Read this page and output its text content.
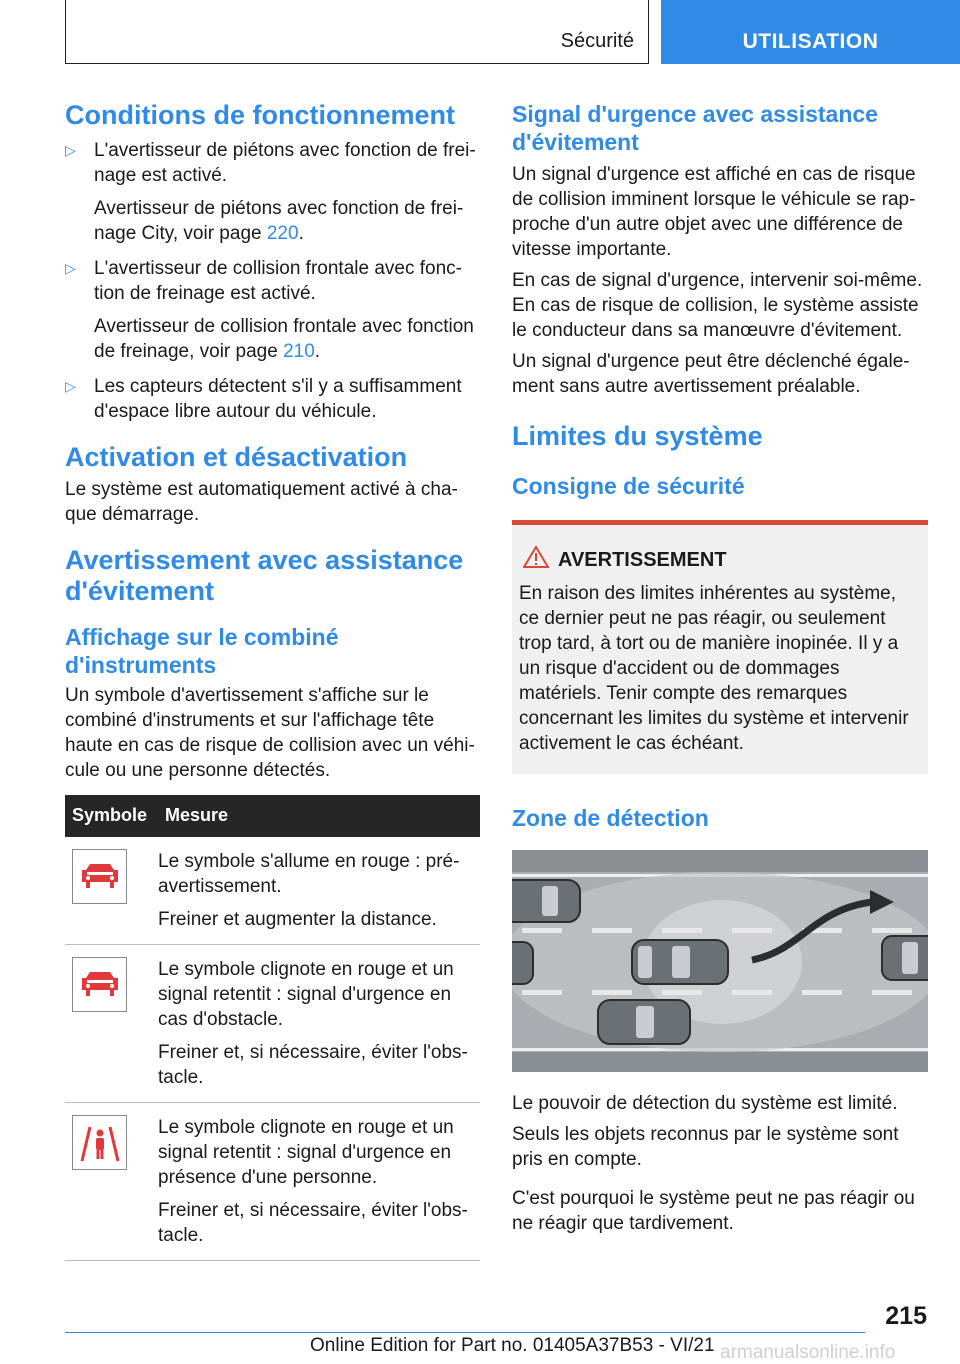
Sécurité	UTILISATION
Conditions de fonctionnement
▷ L'avertisseur de piétons avec fonction de freinage est activé.
Avertisseur de piétons avec fonction de freinage City, voir page 220.
▷ L'avertisseur de collision frontale avec fonction de freinage est activé.
Avertisseur de collision frontale avec fonction de freinage, voir page 210.
▷ Les capteurs détectent s'il y a suffisamment d'espace libre autour du véhicule.
Activation et désactivation

Le système est automatiquement activé à chaque démarrage.

Avertissement avec assistance d'évitement
Affichage sur le combiné d'instruments

Un symbole d'avertissement s'affiche sur le combiné d'instruments et sur l'affichage tête haute en cas de risque de collision avec un véhicule ou une personne détectés.

Symbole	Mesure

Le symbole s'allume en rouge : préavertissement.
Freiner et augmenter la distance.

Le symbole clignote en rouge et un signal retentit : signal d'urgence en cas d'obstacle.
Freiner et, si nécessaire, éviter l'obstacle.

Le symbole clignote en rouge et un signal retentit : signal d'urgence en présence d'une personne.
Freiner et, si nécessaire, éviter l'obstacle.
Signal d'urgence avec assistance d'évitement

Un signal d'urgence est affiché en cas de risque de collision imminent lorsque le véhicule se rapproche d'un autre objet avec une différence de vitesse importante.

En cas de signal d'urgence, intervenir soi-même. En cas de risque de collision, le système assiste le conducteur dans sa manœuvre d'évitement.

Un signal d'urgence peut être déclenché également sans autre avertissement préalable.

Limites du système
Consigne de sécurité
AVERTISSEMENT

En raison des limites inhérentes au système, ce dernier peut ne pas réagir, ou seulement trop tard, à tort ou de manière inopinée. Il y a un risque d'accident ou de dommages matériels. Tenir compte des remarques concernant les limites du système et intervenir activement le cas échéant.

Zone de détection

Le pouvoir de détection du système est limité.

Seuls les objets reconnus par le système sont pris en compte.

C'est pourquoi le système peut ne pas réagir ou ne réagir que tardivement.

215
Online Edition for Part no. 01405A37B53 - VI/21 armanualsonline.info
